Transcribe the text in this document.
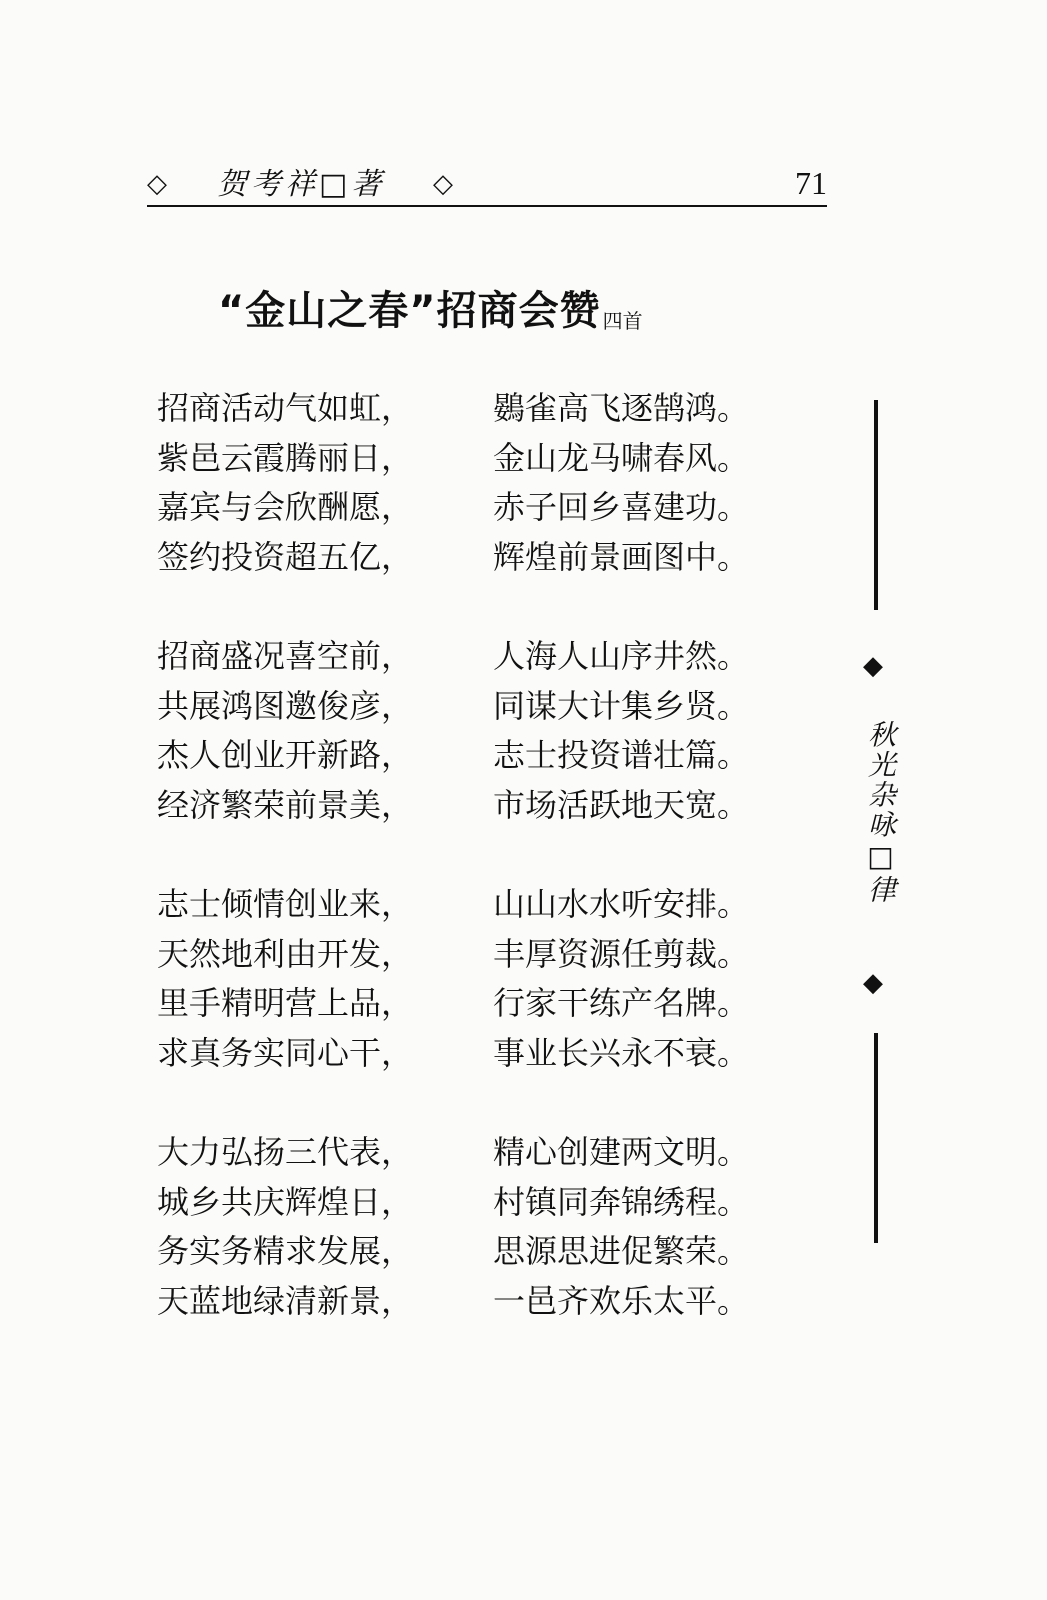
◇ 贺考祥□著 ◇	71
“金山之春”招商会赞 四首
招商活动气如虹， 鷃雀高飞逐鹄鸿。
紫邑云霞腾丽日， 金山龙马啸春风。
嘉宾与会欣酬愿， 赤子回乡喜建功。
签约投资超五亿， 辉煌前景画图中。
招商盛况喜空前， 人海人山序井然。
共展鸿图邀俊彦， 同谋大计集乡贤。
杰人创业开新路， 志士投资谱壮篇。
经济繁荣前景美， 市场活跃地天宽。
志士倾情创业来， 山山水水听安排。
天然地利由开发， 丰厚资源任剪裁。
里手精明营上品， 行家干练产名牌。
求真务实同心干， 事业长兴永不衰。
大力弘扬三代表， 精心创建两文明。
城乡共庆辉煌日， 村镇同奔锦绣程。
务实务精求发展， 思源思进促繁荣。
天蓝地绿清新景， 一邑齐欢乐太平。
◆
秋光杂咏□律
◆
